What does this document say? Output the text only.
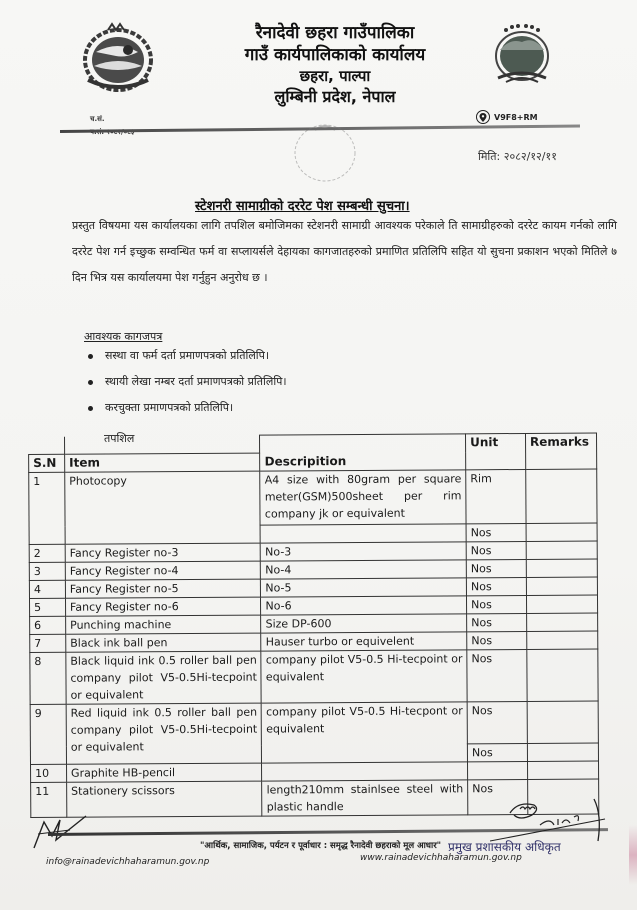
रैनादेवी छहरा गाउँपालिका
गाउँ कार्यपालिकाको कार्यालय
छहरा, पाल्पा
लुम्बिनी प्रदेश, नेपाल
च.सं.	V9F8+RM
मिति: २०८२/१२/११
स्टेशनरी सामाग्रीको दररेट पेश सम्बन्धी सुचना।
प्रस्तुत विषयमा यस कार्यालयका लागि तपशिल बमोजिमका स्टेशनरी सामाग्री आवश्यक परेकाले ति सामाग्रीहरुको दररेट कायम गर्नको लागि दररेट पेश गर्न इच्छुक सम्वन्धित फर्म वा सप्लायर्सले देहायका कागजातहरुको प्रमाणित प्रतिलिपि सहित यो सुचना प्रकाशन भएको मितिले ७ दिन भित्र यस कार्यालयमा पेश गर्नुहुन अनुरोध छ ।
आवश्यक कागजपत्र
सस्था वा फर्म दर्ता प्रमाणपत्रको प्रतिलिपि।
स्थायी लेखा नम्बर दर्ता प्रमाणपत्रको प्रतिलिपि।
करचुक्ता प्रमाणपत्रको प्रतिलिपि।
तपशिल
				Unit	Remarks
S.N	Item	Descripition		
1	Photocopy	A4 size with 80gram per square meter(GSM)500sheet per rim company jk or equivalent	Rim	
			Nos	
2	Fancy Register no-3	No-3	Nos	
3	Fancy Register no-4	No-4	Nos	
4	Fancy Register no-5	No-5	Nos	
5	Fancy Register no-6	No-6	Nos	
6	Punching machine	Size DP-600	Nos	
7	Black ink ball pen	Hauser turbo or equivelent	Nos	
8	Black liquid ink 0.5 roller ball pen company pilot V5-0.5Hi-tecpoint or equivalent	company pilot V5-0.5 Hi-tecpoint or equivalent	Nos	
9	Red liquid ink 0.5 roller ball pen company pilot V5-0.5Hi-tecpoint or equivalent	company pilot V5-0.5 Hi-tecpont or equivalent	Nos	
			Nos	
10	Graphite HB-pencil			
11	Stationery scissors	length210mm stainlsee steel with plastic handle	Nos	
"आर्थिक, सामाजिक, पर्यटन र पूर्वाधार : समृद्ध रैनादेवी छहराको मूल आधार"
info@rainadevichhaharamun.gov.np	www.rainadevichhaharamun.gov.np
प्रमुख प्रशासकीय अधिकृत
